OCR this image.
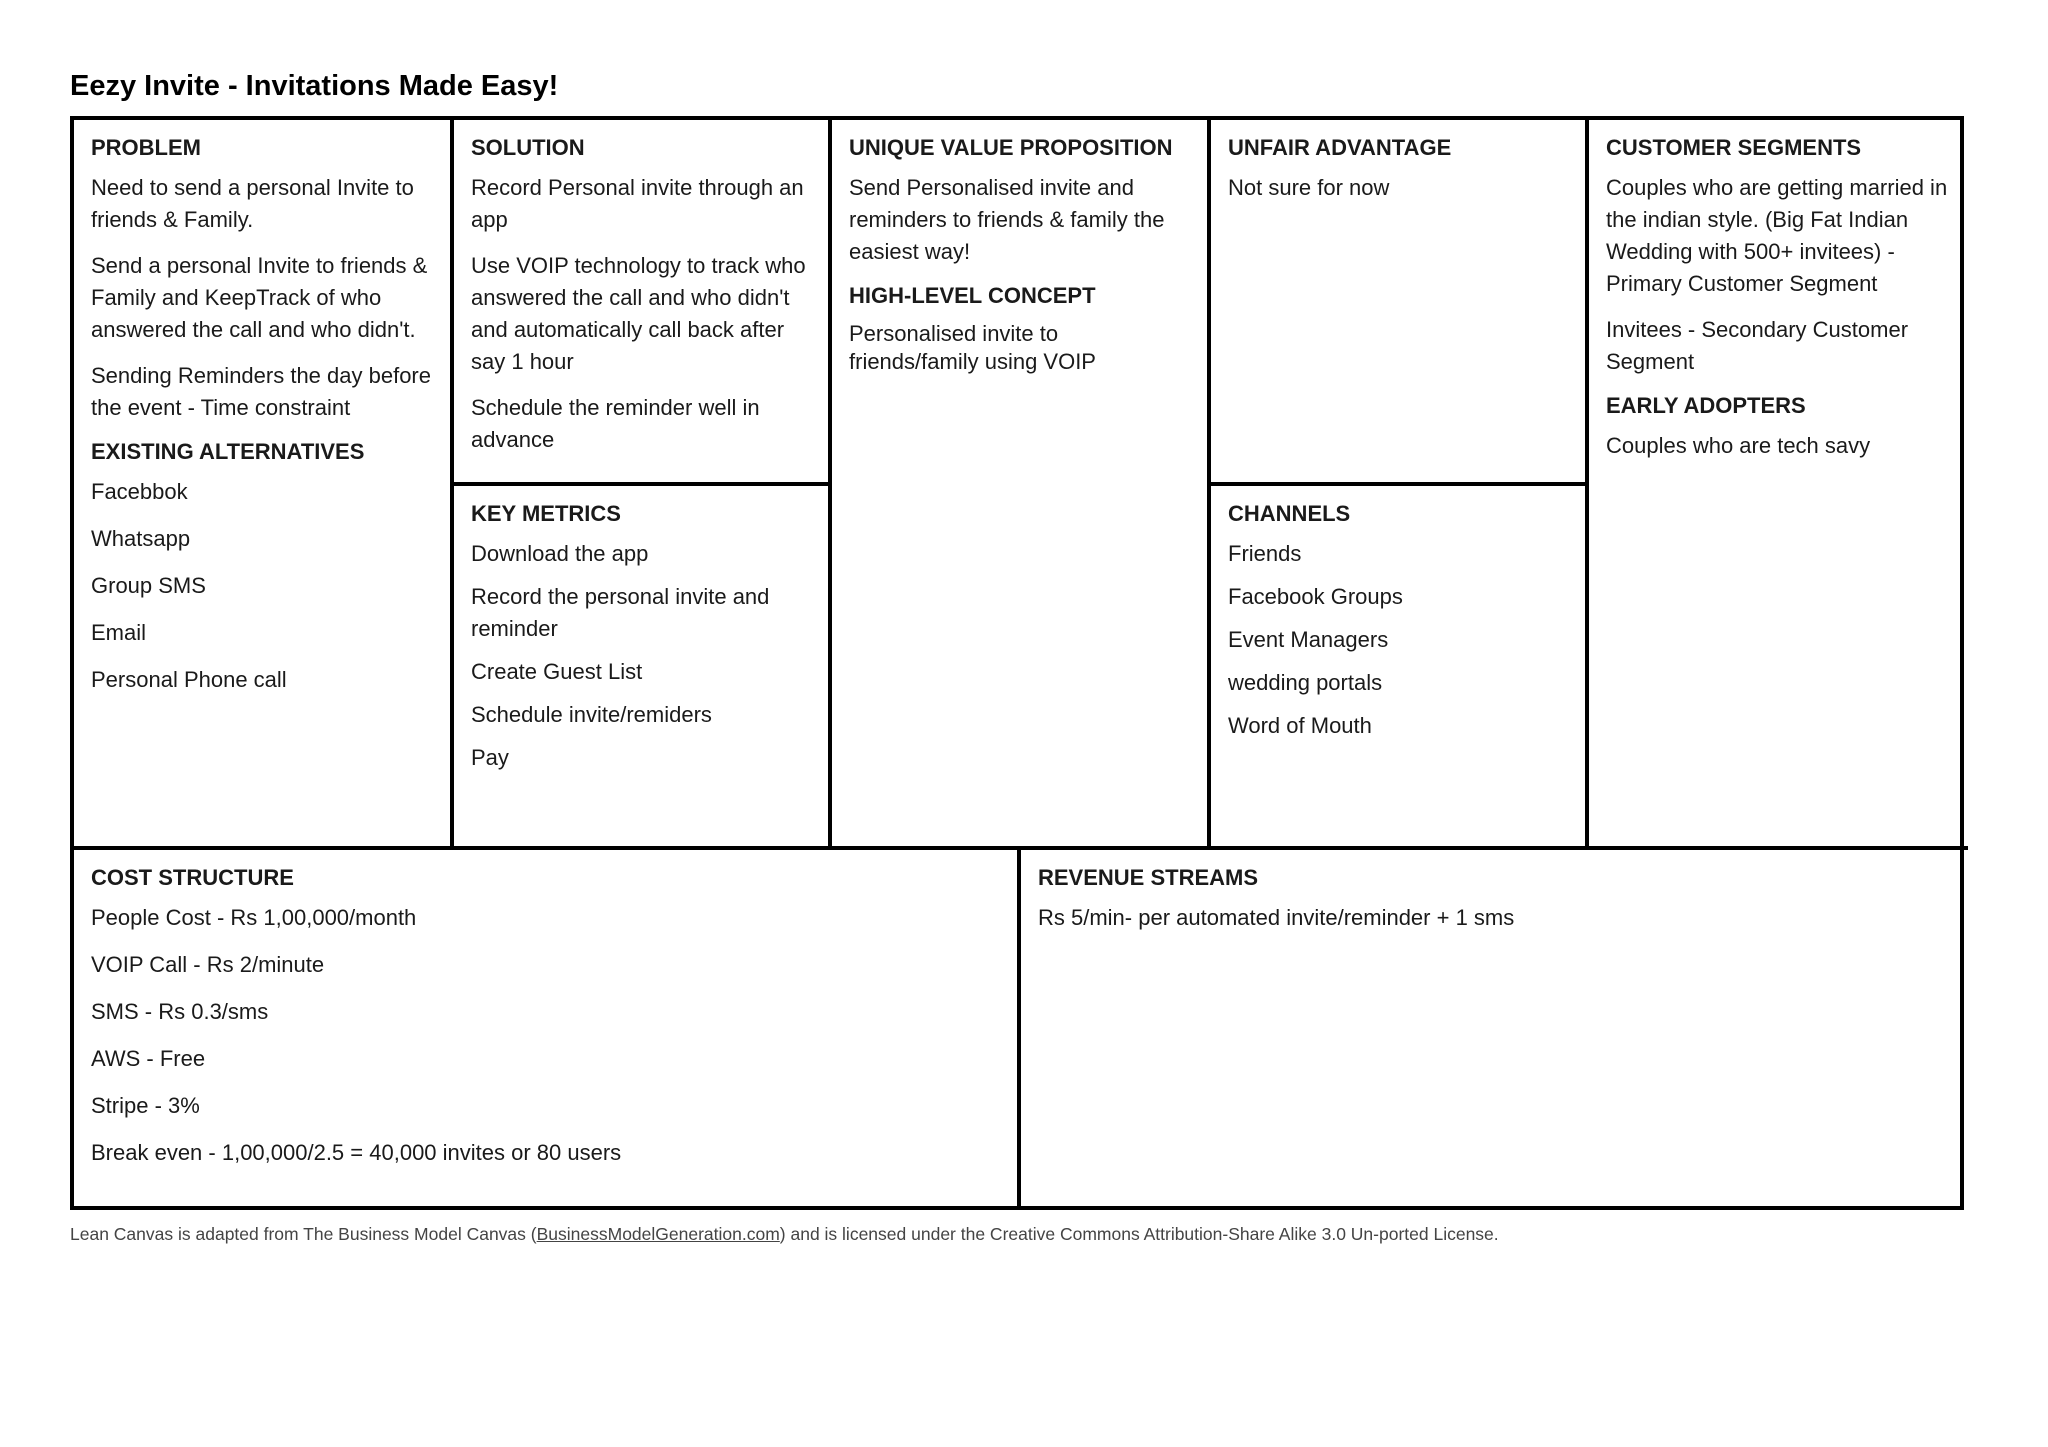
Eezy Invite - Invitations Made Easy!
PROBLEM
Need to send a personal Invite to friends & Family.
Send a personal Invite to friends & Family and KeepTrack of who answered the call and who didn't.
Sending Reminders the day before the event - Time constraint
EXISTING ALTERNATIVES
Facebbok
Whatsapp
Group SMS
Email
Personal Phone call
SOLUTION
Record Personal invite through an app
Use VOIP technology to track who answered the call and who didn't and automatically call back after say 1 hour
Schedule the reminder well in advance
KEY METRICS
Download the app
Record the personal invite and reminder
Create Guest List
Schedule invite/remiders
Pay
UNIQUE VALUE PROPOSITION
Send Personalised invite and reminders to friends & family the easiest way!
HIGH-LEVEL CONCEPT
Personalised invite to friends/family using VOIP
UNFAIR ADVANTAGE
Not sure for now
CHANNELS
Friends
Facebook Groups
Event Managers
wedding portals
Word of Mouth
CUSTOMER SEGMENTS
Couples who are getting married in the indian style. (Big Fat Indian Wedding with 500+ invitees) - Primary Customer Segment
Invitees - Secondary Customer Segment
EARLY ADOPTERS
Couples who are tech savy
COST STRUCTURE
People Cost - Rs 1,00,000/month
VOIP Call - Rs 2/minute
SMS - Rs 0.3/sms
AWS - Free
Stripe - 3%
Break even - 1,00,000/2.5 = 40,000 invites or 80 users
REVENUE STREAMS
Rs 5/min- per automated invite/reminder + 1 sms
Lean Canvas is adapted from The Business Model Canvas (BusinessModelGeneration.com) and is licensed under the Creative Commons Attribution-Share Alike 3.0 Un-ported License.
